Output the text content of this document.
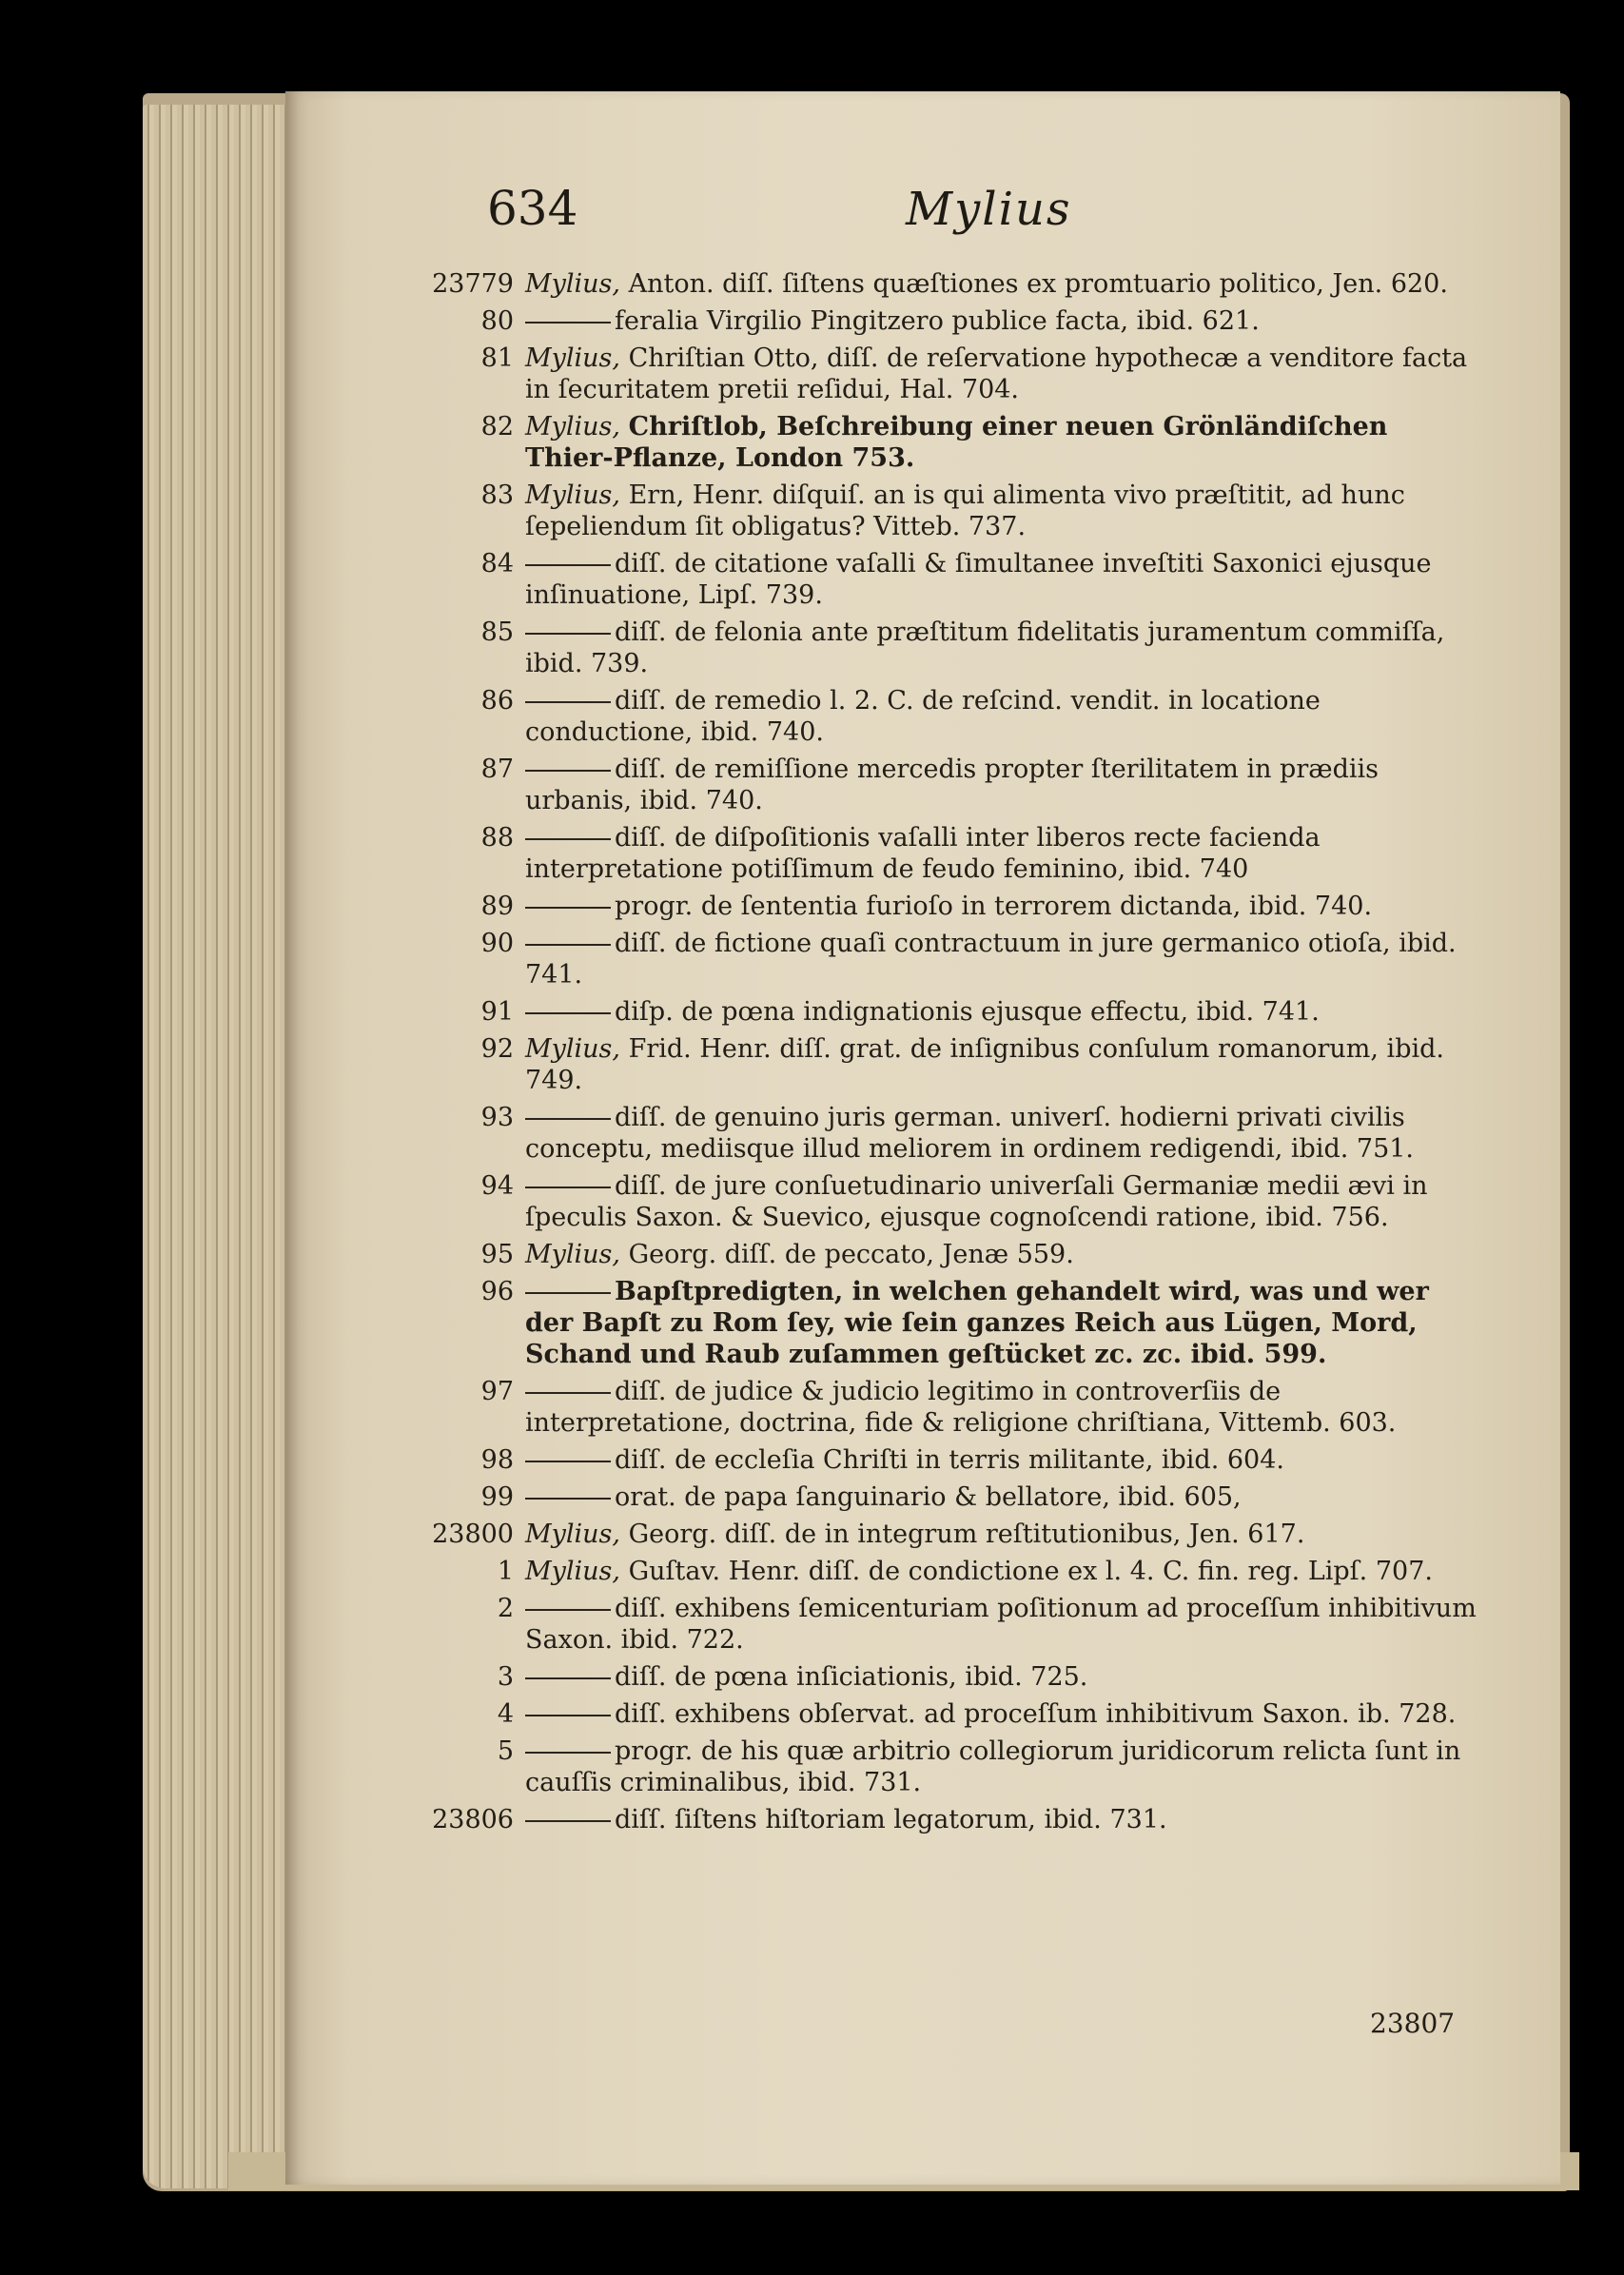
634	Mylius
23779 Mylius, Anton. diſſ. ſiſtens quæſtiones ex promtuario politico, Jen. 620.
80	feralia Virgilio Pingitzero publice facta, ibid. 621.
81 Mylius, Chriſtian Otto, diſſ. de reſervatione hypothecæ a venditore facta in ſecuritatem pretii reſidui, Hal. 704.
82 Mylius, Chriſtlob, Beſchreibung einer neuen Grönländiſchen Thier-Pflanze, London 753.
83 Mylius, Ern, Henr. diſquiſ. an is qui alimenta vivo præſtitit, ad hunc ſepeliendum ſit obligatus? Vitteb. 737.
84	diſſ. de citatione vaſalli & ſimultanee inveſtiti Saxonici ejusque inſinuatione, Lipſ. 739.
85	diſſ. de felonia ante præſtitum fidelitatis juramentum commiſſa, ibid. 739.
86	diſſ. de remedio l. 2. C. de reſcind. vendit. in locatione conductione, ibid. 740.
87	diſſ. de remiſſione mercedis propter ſterilitatem in prædiis urbanis, ibid. 740.
88	diſſ. de diſpoſitionis vaſalli inter liberos recte facienda interpretatione potiſſimum de feudo feminino, ibid. 740
89	progr. de ſententia furioſo in terrorem dictanda, ibid. 740.
90	diſſ. de fictione quaſi contractuum in jure germanico otioſa, ibid. 741.
91	diſp. de pœna indignationis ejusque effectu, ibid. 741.
92 Mylius, Frid. Henr. diſſ. grat. de inſignibus conſulum romanorum, ibid. 749.
93	diſſ. de genuino juris german. univerſ. hodierni privati civilis conceptu, mediisque illud meliorem in ordinem redigendi, ibid. 751.
94	diſſ. de jure conſuetudinario univerſali Germaniæ medii ævi in ſpeculis Saxon. & Suevico, ejusque cognoſcendi ratione, ibid. 756.
95 Mylius, Georg. diſſ. de peccato, Jenæ 559.
96	Bapſtpredigten, in welchen gehandelt wird, was und wer der Bapſt zu Rom ſey, wie ſein ganzes Reich aus Lügen, Mord, Schand und Raub zuſammen geſtücket zc. zc. ibid. 599.
97	diſſ. de judice & judicio legitimo in controverſiis de interpretatione, doctrina, fide & religione chriſtiana, Vittemb. 603.
98	diſſ. de eccleſia Chriſti in terris militante, ibid. 604.
99	orat. de papa ſanguinario & bellatore, ibid. 605,
23800 Mylius, Georg. diſſ. de in integrum reſtitutionibus, Jen. 617.
1 Mylius, Guſtav. Henr. diſſ. de condictione ex l. 4. C. fin. reg. Lipſ. 707.
2	diſſ. exhibens ſemicenturiam poſitionum ad proceſſum inhibitivum Saxon. ibid. 722.
3	diſſ. de pœna inſiciationis, ibid. 725.
4	diſſ. exhibens obſervat. ad proceſſum inhibitivum Saxon. ib. 728.
5	progr. de his quæ arbitrio collegiorum juridicorum relicta ſunt in cauſſis criminalibus, ibid. 731.
23806	diſſ. ſiſtens hiſtoriam legatorum, ibid. 731.
23807
